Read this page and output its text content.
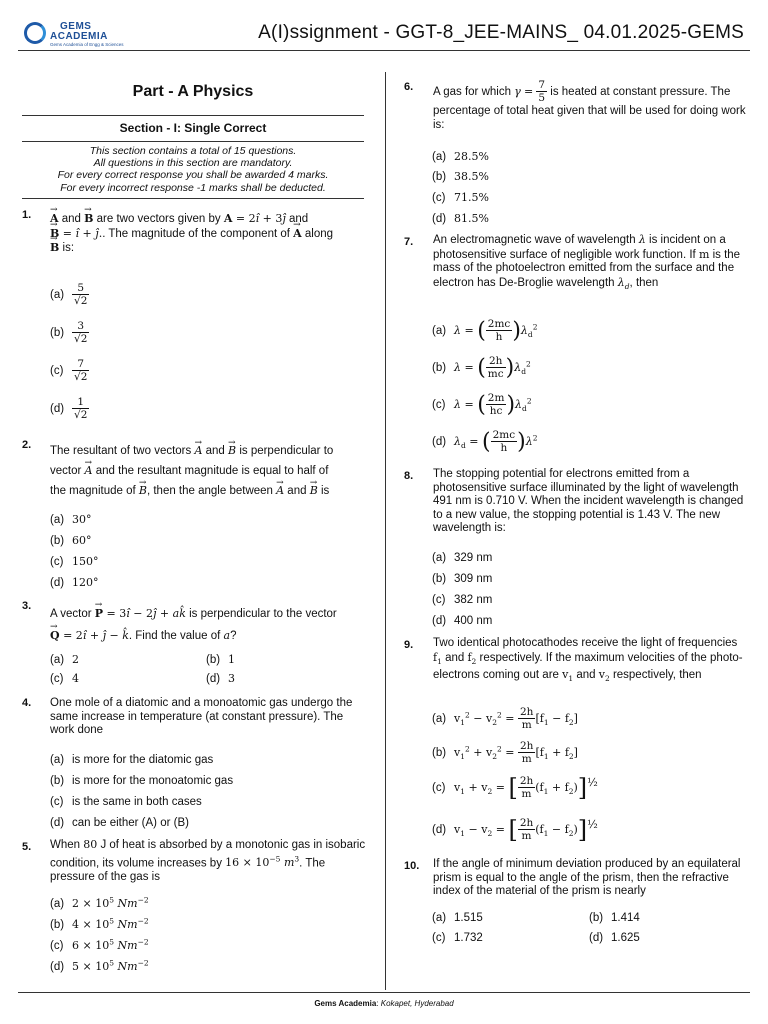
GEMS
ACADEMIA
Gems Academia of Engg & Sciences
A(I)ssignment - GGT-8_JEE-MAINS_ 04.01.2025-GEMS
Part - A Physics
Section - I: Single Correct
This section contains a total of 15 questions.
All questions in this section are mandatory.
For every correct response you shall be awarded 4 marks.
For every incorrect response -1 marks shall be deducted.
1. → A and → B are two vectors given by A = 2î + 3ĵ and
→ B = î + ĵ.. The magnitude of the component of → A along
→ B is:
$(a) \frac{5}{√2}$
$(b) \frac{3}{√2}$
$(c) \frac{7}{√2}$
$(d) \frac{1}{√2}$
2. The resultant of two vectors → A and → B is perpendicular to
vector → A and the resultant magnitude is equal to half of
the magnitude of → B, then the angle between → A and → B is
(a) 30°
(b) 60°
(c) 150°
(d) 120°
3.
A vector → P = 3î − 2ĵ + ak̂ is perpendicular to the vector
→ Q = 2î + ĵ − k̂. Find the value of a?
(a) 2	(b) 1
(c) 4	(d) 3
4. One mole of a diatomic and a monoatomic gas undergo the same increase in temperature (at constant pressure). The work done
(a) is more for the diatomic gas
(b) is more for the monoatomic gas
(c) is the same in both cases
(d) can be either (A) or (B)
5. When 80 J of heat is absorbed by a monotonic gas in isobaric condition, its volume increases by $16 \times 10^{-5}$ $m^3$. The pressure of the gas is
(a) $2 \times 10^5$ $Nm^{-2}$
(b) $4 \times 10^5$ $Nm^{-2}$
(c) $6 \times 10^5$ $Nm^{-2}$
(d) $5 \times 10^5$ $Nm^{-2}$
6. A gas for which $\gamma = \frac{7}{5}$ is heated at constant pressure. The percentage of total heat given that will be used for doing work is:
(a) 28.5%
(b) 38.5%
(c) 71.5%
(d) 81.5%
7. An electromagnetic wave of wavelength λ is incident on a photosensitive surface of negligible work function. If m is the mass of the photoelectron emitted from the surface and the electron has De-Broglie wavelength $\lambda_d$, then
(a) λ = ( $\frac{2mc}{h} )\lambda_d^2$
(b) λ = ( $\frac{2h}{mc} )\lambda_d^2$
(c) λ = ( $\frac{2m}{hc} )\lambda_d^2$
(d) $\lambda_d$ = ( $\frac{2mc}{h} )\lambda^2$
8. The stopping potential for electrons emitted from a photosensitive surface illuminated by the light of wavelength 491 nm is 0.710 V. When the incident wavelength is changed to a new value, the stopping potential is 1.43 V. The new wavelength is:
(a) 329 nm
(b) 309 nm
(c) 382 nm
(d) 400 nm
9. Two identical photocathodes receive the light of frequencies $f_1$ and $f_2$ respectively. If the maximum velocities of the photo-electrons coming out are $v_1$ and $v_2$ respectively, then
(a) $v_1^2 - v_2^2 = \frac{2h}{m} [f_1 - f_2]$
(b) $v_1^2 + v_2^2 = \frac{2h}{m} [f_1 + f_2]$
(c) $v_1 + v_2$ = [ $\frac{2h}{m} (f_1 + f_2)]^{\frac{1}{2}}$
(d) $v_1 - v_2$ = [ $\frac{2h}{m} (f_1 - f_2)]^{\frac{1}{2}}$
10. If the angle of minimum deviation produced by an equilateral prism is equal to the angle of the prism, then the refractive index of the material of the prism is nearly
(a) 1.515	(b) 1.414
(c) 1.732	(d) 1.625
Gems Academia: Kokapet, Hyderabad
